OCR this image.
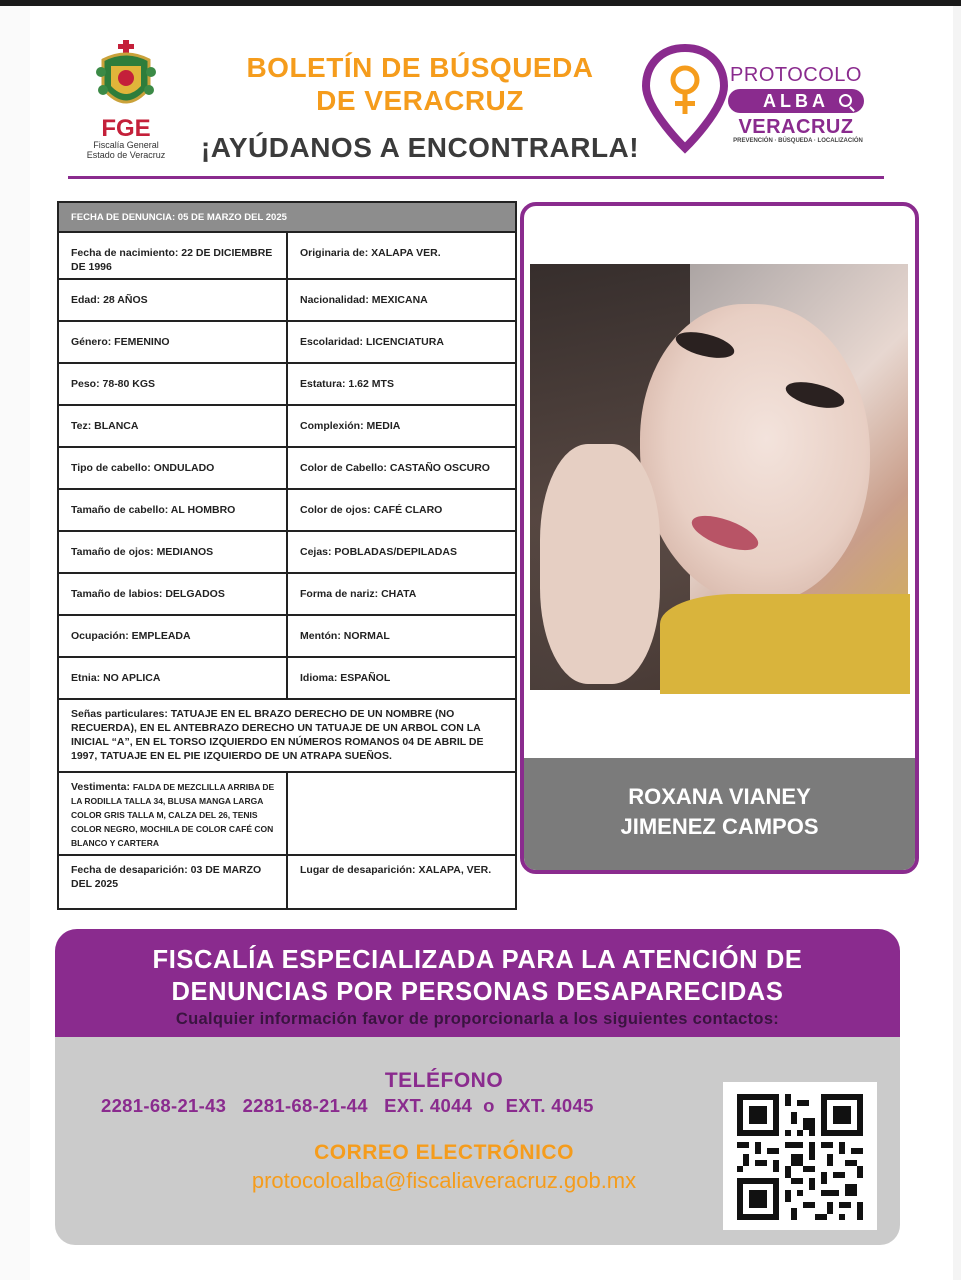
FGE
Fiscalía General
Estado de Veracruz
BOLETÍN DE BÚSQUEDA
DE VERACRUZ
¡AYÚDANOS A ENCONTRARLA!
PROTOCOLO
ALBA
VERACRUZ
PREVENCIÓN · BÚSQUEDA · LOCALIZACIÓN
FECHA DE DENUNCIA: 05 DE MARZO DEL 2025	
Fecha de nacimiento: 22 DE DICIEMBRE DE 1996	Originaria de: XALAPA VER.
Edad: 28 AÑOS	Nacionalidad: MEXICANA
Género: FEMENINO	Escolaridad: LICENCIATURA
Peso: 78-80 KGS	Estatura: 1.62 MTS
Tez: BLANCA	Complexión: MEDIA
Tipo de cabello: ONDULADO	Color de Cabello: CASTAÑO OSCURO
Tamaño de cabello: AL HOMBRO	Color de ojos: CAFÉ CLARO
Tamaño de ojos: MEDIANOS	Cejas: POBLADAS/DEPILADAS
Tamaño de labios: DELGADOS	Forma de nariz: CHATA
Ocupación: EMPLEADA	Mentón: NORMAL
Etnia: NO APLICA	Idioma: ESPAÑOL
Señas particulares: TATUAJE EN EL BRAZO DERECHO DE UN NOMBRE (NO RECUERDA), EN EL ANTEBRAZO DERECHO UN TATUAJE DE UN ARBOL CON LA INICIAL “A”, EN EL TORSO IZQUIERDO EN NÚMEROS ROMANOS 04 DE ABRIL DE 1997, TATUAJE EN EL PIE IZQUIERDO DE UN ATRAPA SUEÑOS.	
Vestimenta: FALDA DE MEZCLILLA ARRIBA DE LA RODILLA TALLA 34, BLUSA MANGA LARGA COLOR GRIS TALLA M, CALZA DEL 26, TENIS COLOR NEGRO, MOCHILA DE COLOR CAFÉ CON BLANCO Y CARTERA	
Fecha de desaparición: 03 DE MARZO DEL 2025	Lugar de desaparición: XALAPA, VER.
ROXANA VIANEY
JIMENEZ CAMPOS
FISCALÍA ESPECIALIZADA PARA LA ATENCIÓN DE
DENUNCIAS POR PERSONAS DESAPARECIDAS
Cualquier información favor de proporcionarla a los siguientes contactos:
TELÉFONO
2281-68-21-43   2281-68-21-44   EXT. 4044  o  EXT. 4045
CORREO ELECTRÓNICO
protocoloalba@fiscaliaveracruz.gob.mx
